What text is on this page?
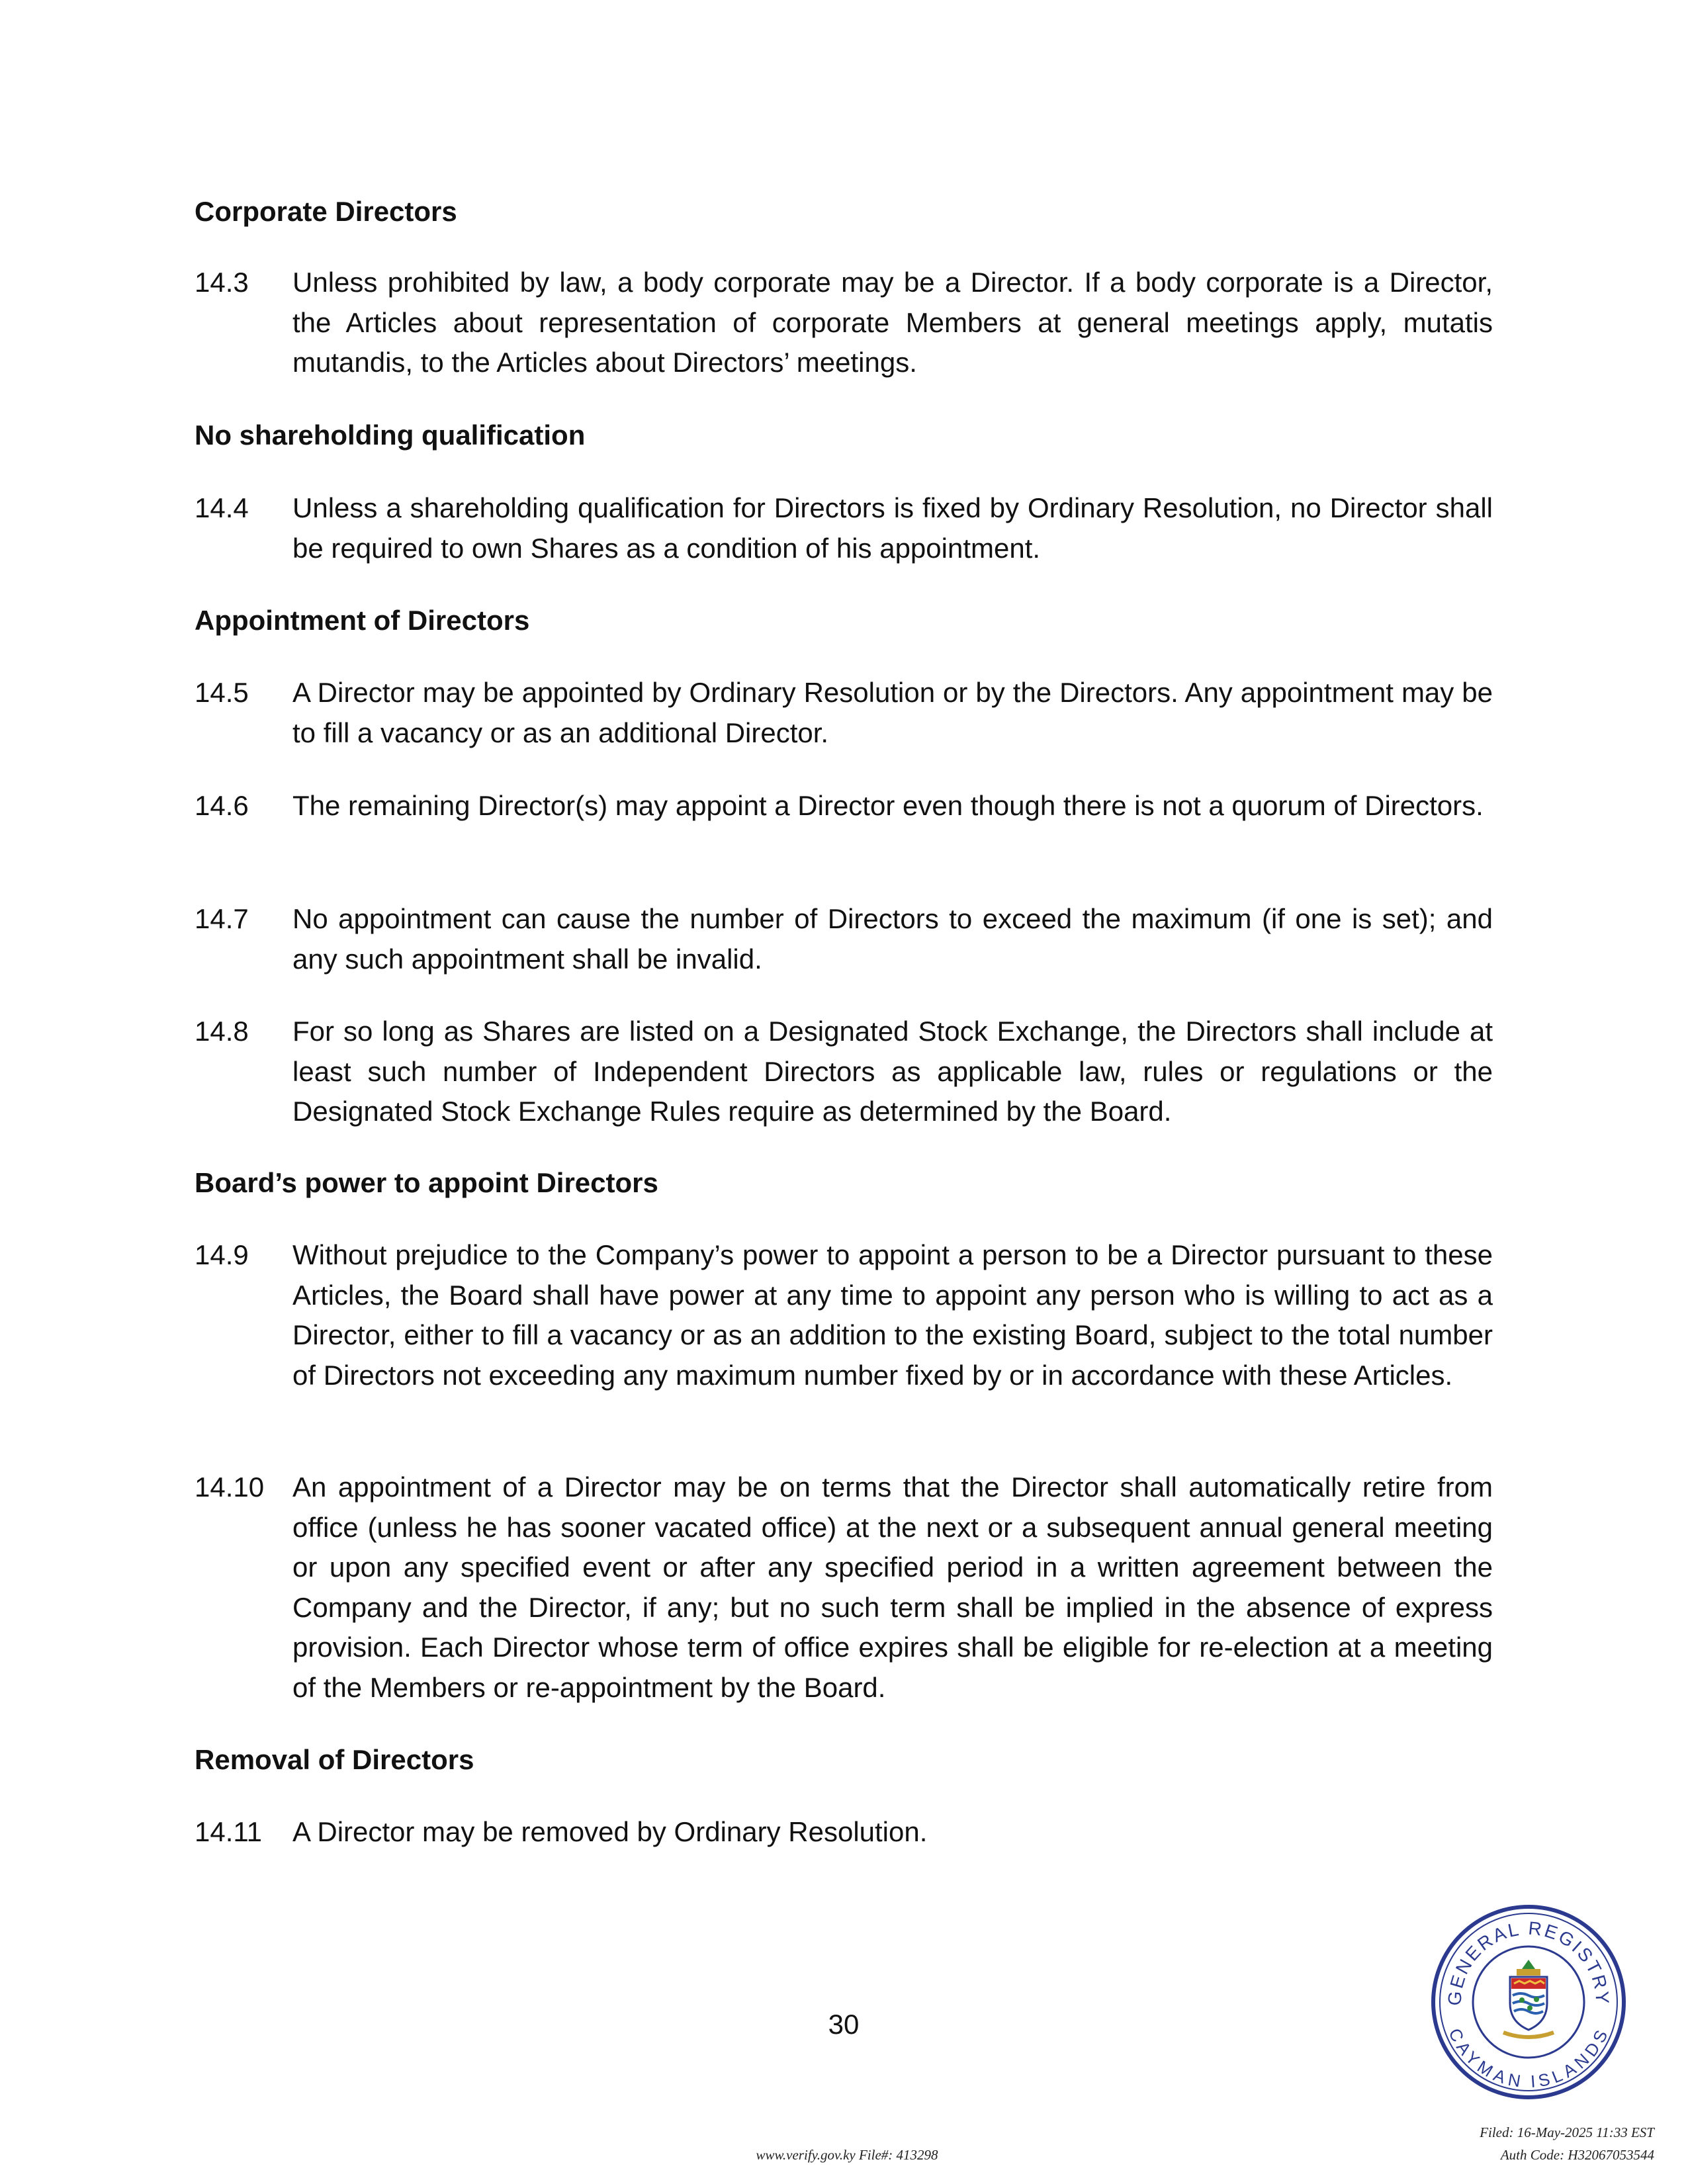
Corporate Directors
14.3 Unless prohibited by law, a body corporate may be a Director. If a body corporate is a Director, the Articles about representation of corporate Members at general meetings apply, mutatis mutandis, to the Articles about Directors’ meetings.
No shareholding qualification
14.4 Unless a shareholding qualification for Directors is fixed by Ordinary Resolution, no Director shall be required to own Shares as a condition of his appointment.
Appointment of Directors
14.5 A Director may be appointed by Ordinary Resolution or by the Directors. Any appointment may be to fill a vacancy or as an additional Director.
14.6 The remaining Director(s) may appoint a Director even though there is not a quorum of Directors.
14.7 No appointment can cause the number of Directors to exceed the maximum (if one is set); and any such appointment shall be invalid.
14.8 For so long as Shares are listed on a Designated Stock Exchange, the Directors shall include at least such number of Independent Directors as applicable law, rules or regulations or the Designated Stock Exchange Rules require as determined by the Board.
Board’s power to appoint Directors
14.9 Without prejudice to the Company’s power to appoint a person to be a Director pursuant to these Articles, the Board shall have power at any time to appoint any person who is willing to act as a Director, either to fill a vacancy or as an addition to the existing Board, subject to the total number of Directors not exceeding any maximum number fixed by or in accordance with these Articles.
14.10 An appointment of a Director may be on terms that the Director shall automatically retire from office (unless he has sooner vacated office) at the next or a subsequent annual general meeting or upon any specified event or after any specified period in a written agreement between the Company and the Director, if any; but no such term shall be implied in the absence of express provision. Each Director whose term of office expires shall be eligible for re-election at a meeting of the Members or re-appointment by the Board.
Removal of Directors
14.11 A Director may be removed by Ordinary Resolution.
30
GENERAL REGISTRY
CAYMAN ISLANDS
www.verify.gov.ky File#: 413298
Filed: 16-May-2025 11:33 EST
Auth Code: H32067053544
